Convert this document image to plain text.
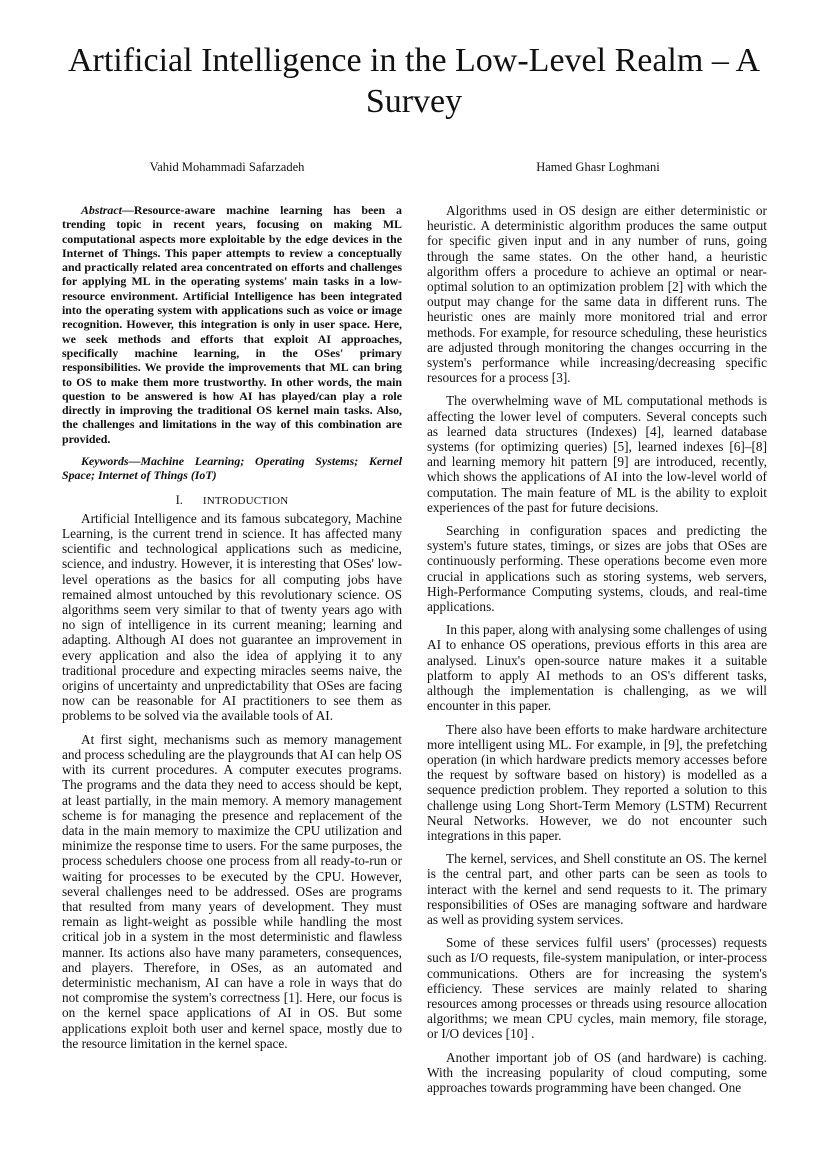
Artificial Intelligence in the Low-Level Realm – A Survey
Vahid Mohammadi Safarzadeh	Hamed Ghasr Loghmani

Abstract—Resource-aware machine learning has been a trending topic in recent years, focusing on making ML computational aspects more exploitable by the edge devices in the Internet of Things. This paper attempts to review a conceptually and practically related area concentrated on efforts and challenges for applying ML in the operating systems' main tasks in a low-resource environment. Artificial Intelligence has been integrated into the operating system with applications such as voice or image recognition. However, this integration is only in user space. Here, we seek methods and efforts that exploit AI approaches, specifically machine learning, in the OSes' primary responsibilities. We provide the improvements that ML can bring to OS to make them more trustworthy. In other words, the main question to be answered is how AI has played/can play a role directly in improving the traditional OS kernel main tasks. Also, the challenges and limitations in the way of this combination are provided.

Keywords—Machine Learning; Operating Systems; Kernel Space; Internet of Things (IoT)

I. INTRODUCTION

Artificial Intelligence and its famous subcategory, Machine Learning, is the current trend in science. It has affected many scientific and technological applications such as medicine, science, and industry. However, it is interesting that OSes' low-level operations as the basics for all computing jobs have remained almost untouched by this revolutionary science. OS algorithms seem very similar to that of twenty years ago with no sign of intelligence in its current meaning; learning and adapting. Although AI does not guarantee an improvement in every application and also the idea of applying it to any traditional procedure and expecting miracles seems naive, the origins of uncertainty and unpredictability that OSes are facing now can be reasonable for AI practitioners to see them as problems to be solved via the available tools of AI.

At first sight, mechanisms such as memory management and process scheduling are the playgrounds that AI can help OS with its current procedures. A computer executes programs. The programs and the data they need to access should be kept, at least partially, in the main memory. A memory management scheme is for managing the presence and replacement of the data in the main memory to maximize the CPU utilization and minimize the response time to users. For the same purposes, the process schedulers choose one process from all ready-to-run or waiting for processes to be executed by the CPU. However, several challenges need to be addressed. OSes are programs that resulted from many years of development. They must remain as light-weight as possible while handling the most critical job in a system in the most deterministic and flawless manner. Its actions also have many parameters, consequences, and players. Therefore, in OSes, as an automated and deterministic mechanism, AI can have a role in ways that do not compromise the system's correctness [1]. Here, our focus is on the kernel space applications of AI in OS. But some applications exploit both user and kernel space, mostly due to the resource limitation in the kernel space.

Algorithms used in OS design are either deterministic or heuristic. A deterministic algorithm produces the same output for specific given input and in any number of runs, going through the same states. On the other hand, a heuristic algorithm offers a procedure to achieve an optimal or near-optimal solution to an optimization problem [2] with which the output may change for the same data in different runs. The heuristic ones are mainly more monitored trial and error methods. For example, for resource scheduling, these heuristics are adjusted through monitoring the changes occurring in the system's performance while increasing/decreasing specific resources for a process [3].

The overwhelming wave of ML computational methods is affecting the lower level of computers. Several concepts such as learned data structures (Indexes) [4], learned database systems (for optimizing queries) [5], learned indexes [6]–[8] and learning memory hit pattern [9] are introduced, recently, which shows the applications of AI into the low-level world of computation. The main feature of ML is the ability to exploit experiences of the past for future decisions.

Searching in configuration spaces and predicting the system's future states, timings, or sizes are jobs that OSes are continuously performing. These operations become even more crucial in applications such as storing systems, web servers, High-Performance Computing systems, clouds, and real-time applications.

In this paper, along with analysing some challenges of using AI to enhance OS operations, previous efforts in this area are analysed. Linux's open-source nature makes it a suitable platform to apply AI methods to an OS's different tasks, although the implementation is challenging, as we will encounter in this paper.

There also have been efforts to make hardware architecture more intelligent using ML. For example, in [9], the prefetching operation (in which hardware predicts memory accesses before the request by software based on history) is modelled as a sequence prediction problem. They reported a solution to this challenge using Long Short-Term Memory (LSTM) Recurrent Neural Networks. However, we do not encounter such integrations in this paper.

The kernel, services, and Shell constitute an OS. The kernel is the central part, and other parts can be seen as tools to interact with the kernel and send requests to it. The primary responsibilities of OSes are managing software and hardware as well as providing system services.

Some of these services fulfil users' (processes) requests such as I/O requests, file-system manipulation, or inter-process communications. Others are for increasing the system's efficiency. These services are mainly related to sharing resources among processes or threads using resource allocation algorithms; we mean CPU cycles, main memory, file storage, or I/O devices [10] .

Another important job of OS (and hardware) is caching. With the increasing popularity of cloud computing, some approaches towards programming have been changed. One
